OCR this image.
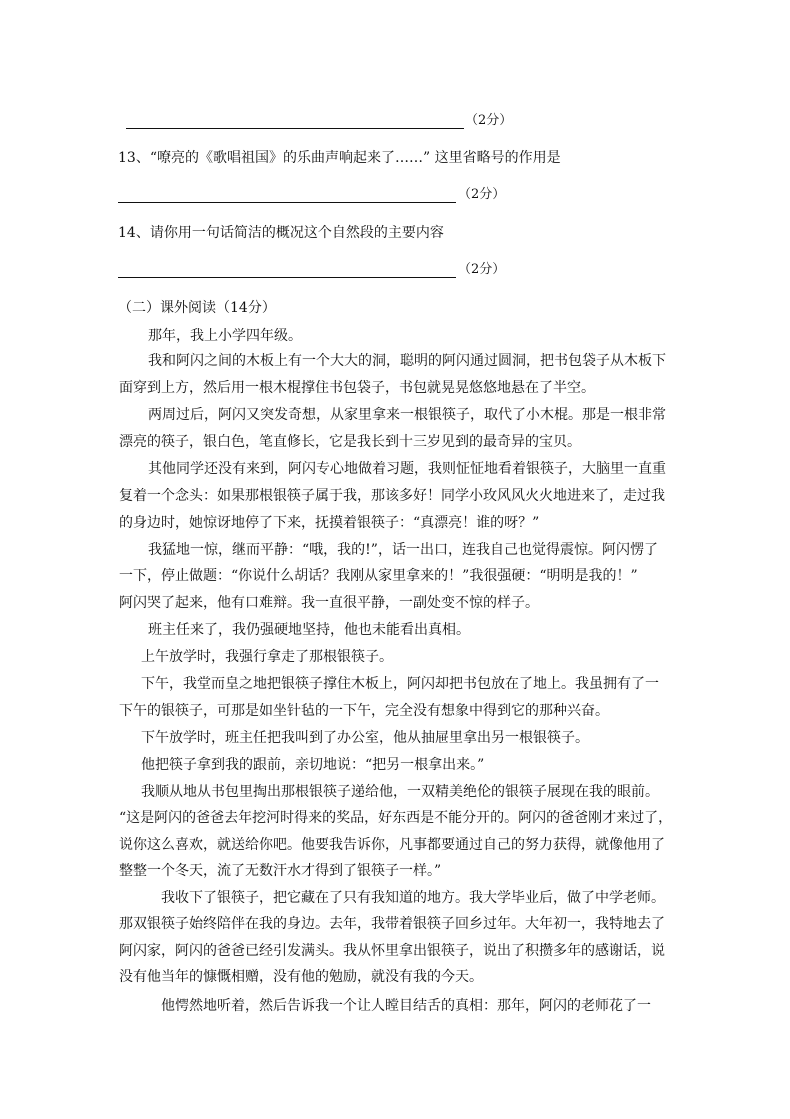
（2分）
13、“嘹亮的《歌唱祖国》的乐曲声响起来了……” 这里省略号的作用是
（2分）
14、请你用一句话简洁的概况这个自然段的主要内容
（2分）
（二）课外阅读（14分）
那年，我上小学四年级。
我和阿闪之间的木板上有一个大大的洞，聪明的阿闪通过圆洞，把书包袋子从木板下
面穿到上方，然后用一根木棍撑住书包袋子，书包就晃晃悠悠地悬在了半空。
两周过后，阿闪又突发奇想，从家里拿来一根银筷子，取代了小木棍。那是一根非常
漂亮的筷子，银白色，笔直修长，它是我长到十三岁见到的最奇异的宝贝。
其他同学还没有来到，阿闪专心地做着习题，我则怔怔地看着银筷子，大脑里一直重
复着一个念头：如果那根银筷子属于我，那该多好！同学小玫风风火火地进来了，走过我
的身边时，她惊讶地停了下来，抚摸着银筷子：“真漂亮！谁的呀？”
我猛地一惊，继而平静：“哦，我的!”，话一出口，连我自己也觉得震惊。阿闪愣了
一下，停止做题：“你说什么胡话？我刚从家里拿来的！”我很强硬：“明明是我的！”
阿闪哭了起来，他有口难辩。我一直很平静，一副处变不惊的样子。
班主任来了，我仍强硬地坚持，他也未能看出真相。
上午放学时，我强行拿走了那根银筷子。
下午，我堂而皇之地把银筷子撑住木板上，阿闪却把书包放在了地上。我虽拥有了一
下午的银筷子，可那是如坐针毡的一下午，完全没有想象中得到它的那种兴奋。
下午放学时，班主任把我叫到了办公室，他从抽屉里拿出另一根银筷子。
他把筷子拿到我的跟前，亲切地说：“把另一根拿出来。”
我顺从地从书包里掏出那根银筷子递给他，一双精美绝伦的银筷子展现在我的眼前。
“这是阿闪的爸爸去年挖河时得来的奖品，好东西是不能分开的。阿闪的爸爸刚才来过了，
说你这么喜欢，就送给你吧。他要我告诉你，凡事都要通过自己的努力获得，就像他用了
整整一个冬天，流了无数汗水才得到了银筷子一样。”
我收下了银筷子，把它藏在了只有我知道的地方。我大学毕业后，做了中学老师。
那双银筷子始终陪伴在我的身边。去年，我带着银筷子回乡过年。大年初一，我特地去了
阿闪家，阿闪的爸爸已经引发满头。我从怀里拿出银筷子，说出了积攒多年的感谢话，说
没有他当年的慷慨相赠，没有他的勉励，就没有我的今天。
他愕然地听着，然后告诉我一个让人瞠目结舌的真相：那年，阿闪的老师花了一
